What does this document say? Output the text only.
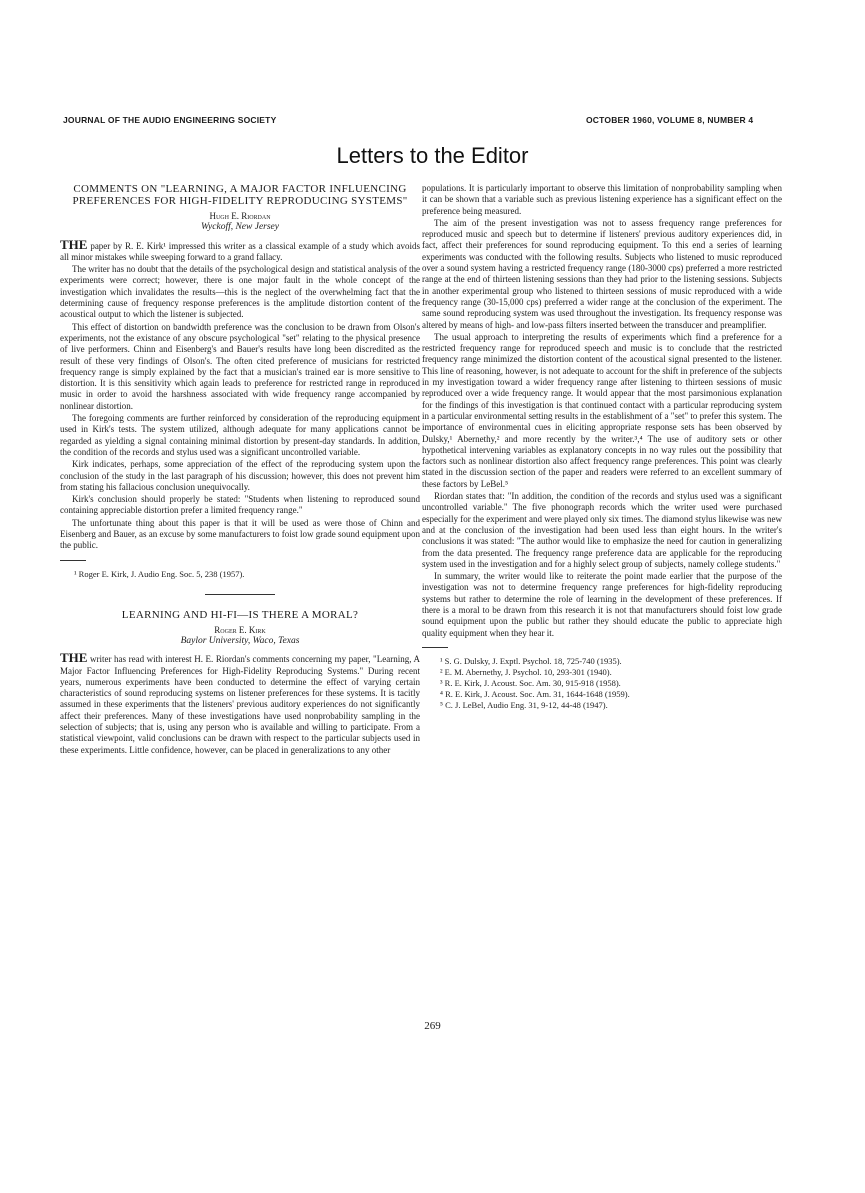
JOURNAL OF THE AUDIO ENGINEERING SOCIETY	OCTOBER 1960, VOLUME 8, NUMBER 4
Letters to the Editor
COMMENTS ON "LEARNING, A MAJOR FACTOR INFLUENCING PREFERENCES FOR HIGH-FIDELITY REPRODUCING SYSTEMS"
Hugh E. Riordan
Wyckoff, New Jersey

THE paper by R. E. Kirk¹ impressed this writer as a classical example of a study which avoids all minor mistakes while sweeping forward to a grand fallacy.

The writer has no doubt that the details of the psychological design and statistical analysis of the experiments were correct; however, there is one major fault in the whole concept of the investigation which invalidates the results—this is the neglect of the overwhelming fact that the determining cause of frequency response preferences is the amplitude distortion content of the acoustical output to which the listener is subjected.

This effect of distortion on bandwidth preference was the conclusion to be drawn from Olson's experiments, not the existance of any obscure psychological "set" relating to the physical presence of live performers. Chinn and Eisenberg's and Bauer's results have long been discredited as the result of these very findings of Olson's. The often cited preference of musicians for restricted frequency range is simply explained by the fact that a musician's trained ear is more sensitive to distortion. It is this sensitivity which again leads to preference for restricted range in reproduced music in order to avoid the harshness associated with wide frequency range accompanied by nonlinear distortion.

The foregoing comments are further reinforced by consideration of the reproducing equipment used in Kirk's tests. The system utilized, although adequate for many applications cannot be regarded as yielding a signal containing minimal distortion by present-day standards. In addition, the condition of the records and stylus used was a significant uncontrolled variable.

Kirk indicates, perhaps, some appreciation of the effect of the reproducing system upon the conclusion of the study in the last paragraph of his discussion; however, this does not prevent him from stating his fallacious conclusion unequivocally.

Kirk's conclusion should properly be stated: "Students when listening to reproduced sound containing appreciable distortion prefer a limited frequency range."

The unfortunate thing about this paper is that it will be used as were those of Chinn and Eisenberg and Bauer, as an excuse by some manufacturers to foist low grade sound equipment upon the public.

¹ Roger E. Kirk, J. Audio Eng. Soc. 5, 238 (1957).
LEARNING AND HI-FI—IS THERE A MORAL?
Roger E. Kirk
Baylor University, Waco, Texas

THE writer has read with interest H. E. Riordan's comments concerning my paper, "Learning, A Major Factor Influencing Preferences for High-Fidelity Reproducing Systems." During recent years, numerous experiments have been conducted to determine the effect of varying certain characteristics of sound reproducing systems on listener preferences for these systems. It is tacitly assumed in these experiments that the listeners' previous auditory experiences do not significantly affect their preferences. Many of these investigations have used nonprobability sampling in the selection of subjects; that is, using any person who is available and willing to participate. From a statistical viewpoint, valid conclusions can be drawn with respect to the particular subjects used in these experiments. Little confidence, however, can be placed in generalizations to any other

populations. It is particularly important to observe this limitation of nonprobability sampling when it can be shown that a variable such as previous listening experience has a significant effect on the preference being measured.

The aim of the present investigation was not to assess frequency range preferences for reproduced music and speech but to determine if listeners' previous auditory experiences did, in fact, affect their preferences for sound reproducing equipment. To this end a series of learning experiments was conducted with the following results. Subjects who listened to music reproduced over a sound system having a restricted frequency range (180-3000 cps) preferred a more restricted range at the end of thirteen listening sessions than they had prior to the listening sessions. Subjects in another experimental group who listened to thirteen sessions of music reproduced with a wide frequency range (30-15,000 cps) preferred a wider range at the conclusion of the experiment. The same sound reproducing system was used throughout the investigation. Its frequency response was altered by means of high- and low-pass filters inserted between the transducer and preamplifier.

The usual approach to interpreting the results of experiments which find a preference for a restricted frequency range for reproduced speech and music is to conclude that the restricted frequency range minimized the distortion content of the acoustical signal presented to the listener. This line of reasoning, however, is not adequate to account for the shift in preference of the subjects in my investigation toward a wider frequency range after listening to thirteen sessions of music reproduced over a wide frequency range. It would appear that the most parsimonious explanation for the findings of this investigation is that continued contact with a particular reproducing system in a particular environmental setting results in the establishment of a "set" to prefer this system. The importance of environmental cues in eliciting appropriate response sets has been observed by Dulsky,¹ Abernethy,² and more recently by the writer.³,⁴ The use of auditory sets or other hypothetical intervening variables as explanatory concepts in no way rules out the possibility that factors such as nonlinear distortion also affect frequency range preferences. This point was clearly stated in the discussion section of the paper and readers were referred to an excellent summary of these factors by LeBel.⁵

Riordan states that: "In addition, the condition of the records and stylus used was a significant uncontrolled variable." The five phonograph records which the writer used were purchased especially for the experiment and were played only six times. The diamond stylus likewise was new and at the conclusion of the investigation had been used less than eight hours. In the writer's conclusions it was stated: "The author would like to emphasize the need for caution in generalizing from the data presented. The frequency range preference data are applicable for the reproducing system used in the investigation and for a highly select group of subjects, namely college students."

In summary, the writer would like to reiterate the point made earlier that the purpose of the investigation was not to determine frequency range preferences for high-fidelity reproducing systems but rather to determine the role of learning in the development of these preferences. If there is a moral to be drawn from this research it is not that manufacturers should foist low grade sound equipment upon the public but rather they should educate the public to appreciate high quality equipment when they hear it.

¹ S. G. Dulsky, J. Exptl. Psychol. 18, 725-740 (1935).
² E. M. Abernethy, J. Psychol. 10, 293-301 (1940).
³ R. E. Kirk, J. Acoust. Soc. Am. 30, 915-918 (1958).
⁴ R. E. Kirk, J. Acoust. Soc. Am. 31, 1644-1648 (1959).
⁵ C. J. LeBel, Audio Eng. 31, 9-12, 44-48 (1947).
269
